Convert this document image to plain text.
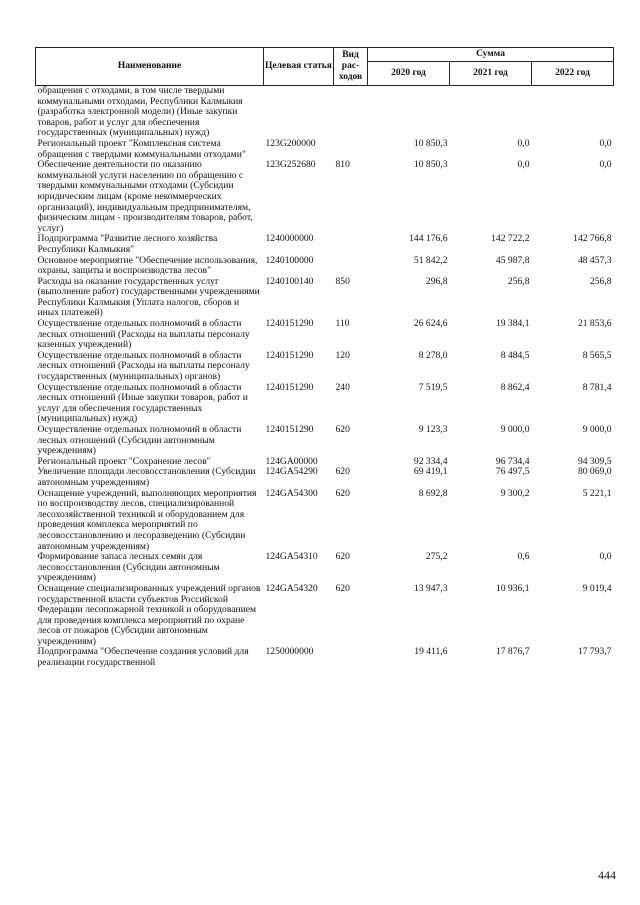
Наименование	Целевая статья	Вид рас-ходов	Сумма		
			2020 год	2021 год	2022 год
обращения с отходами, в том числе твердыми коммунальными отходами, Республики Калмыкия (разработка электронной модели) (Иные закупки товаров, работ и услуг для обеспечения государственных (муниципальных) нужд)					
Региональный проект "Комплексная система обращения с твердыми коммунальными отходами"	123G200000		10 850,3	0,0	0,0
Обеспечение деятельности по оказанию коммунальной услуги населению по обращению с твердыми коммунальными отходами (Субсидии юридическим лицам (кроме некоммерческих организаций), индивидуальным предпринимателям, физическим лицам - производителям товаров, работ, услуг)	123G252680	810	10 850,3	0,0	0,0
Подпрограмма "Развитие лесного хозяйства Республики Калмыкия"	1240000000		144 176,6	142 722,2	142 766,8
Основное мероприятие "Обеспечение использования, охраны, защиты и воспроизводства лесов"	1240100000		51 842,2	45 987,8	48 457,3
Расходы на оказание государственных услуг (выполнение работ) государственными учреждениями Республики Калмыкия (Уплата налогов, сборов и иных платежей)	1240100140	850	296,8	256,8	256,8
Осуществление отдельных полномочий в области лесных отношений (Расходы на выплаты персоналу казенных учреждений)	1240151290	110	26 624,6	19 384,1	21 853,6
Осуществление отдельных полномочий в области лесных отношений (Расходы на выплаты персоналу государственных (муниципальных) органов)	1240151290	120	8 278,0	8 484,5	8 565,5
Осуществление отдельных полномочий в области лесных отношений (Иные закупки товаров, работ и услуг для обеспечения государственных (муниципальных) нужд)	1240151290	240	7 519,5	8 862,4	8 781,4
Осуществление отдельных полномочий в области лесных отношений (Субсидии автономным учреждениям)	1240151290	620	9 123,3	9 000,0	9 000,0
Региональный проект "Сохранение лесов"	124GA00000		92 334,4	96 734,4	94 309,5
Увеличение площади лесовосстановления (Субсидии автономным учреждениям)	124GA54290	620	69 419,1	76 497,5	80 069,0
Оснащение учреждений, выполняющих мероприятия по воспроизводству лесов, специализированной лесохозяйственной техникой и оборудованием для проведения комплекса мероприятий по лесовосстановлению и лесоразведению (Субсидии автономным учреждениям)	124GA54300	620	8 692,8	9 300,2	5 221,1
Формирование запаса лесных семян для лесовосстановления (Субсидии автономным учреждениям)	124GA54310	620	275,2	0,6	0,0
Оснащение специализированных учреждений органов государственной власти субъектов Российской Федерации лесопожарной техникой и оборудованием для проведения комплекса мероприятий по охране лесов от пожаров (Субсидии автономным учреждениям)	124GA54320	620	13 947,3	10 936,1	9 019,4
Подпрограмма "Обеспечение создания условий для реализации государственной	1250000000		19 411,6	17 876,7	17 793,7
444
